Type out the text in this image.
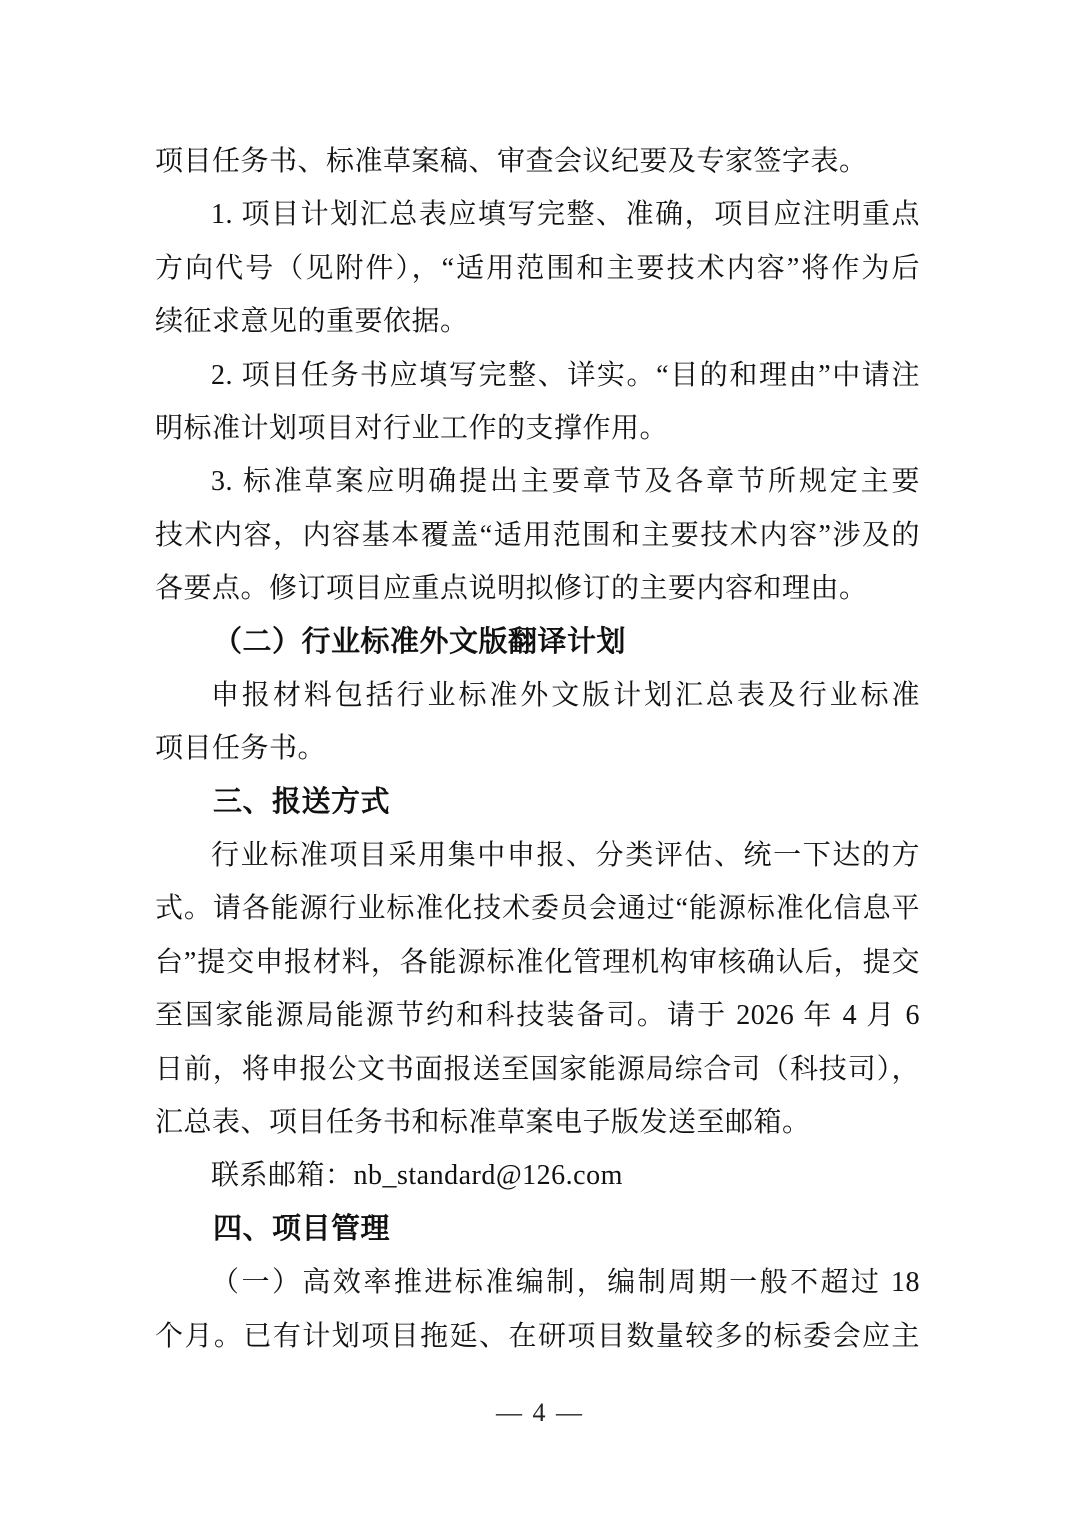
项目任务书、标准草案稿、审查会议纪要及专家签字表。
1. 项目计划汇总表应填写完整、准确，项目应注明重点
方向代号（见附件），“适用范围和主要技术内容”将作为后
续征求意见的重要依据。
2. 项目任务书应填写完整、详实。“目的和理由”中请注
明标准计划项目对行业工作的支撑作用。
3. 标准草案应明确提出主要章节及各章节所规定主要
技术内容，内容基本覆盖“适用范围和主要技术内容”涉及的
各要点。修订项目应重点说明拟修订的主要内容和理由。
（二）行业标准外文版翻译计划
申报材料包括行业标准外文版计划汇总表及行业标准
项目任务书。
三、报送方式
行业标准项目采用集中申报、分类评估、统一下达的方
式。请各能源行业标准化技术委员会通过“能源标准化信息平
台”提交申报材料，各能源标准化管理机构审核确认后，提交
至国家能源局能源节约和科技装备司。请于 2026 年 4 月 6
日前，将申报公文书面报送至国家能源局综合司（科技司），
汇总表、项目任务书和标准草案电子版发送至邮箱。
联系邮箱：nb_standard@126.com
四、项目管理
（一）高效率推进标准编制，编制周期一般不超过 18
个月。已有计划项目拖延、在研项目数量较多的标委会应主
— 4 —
